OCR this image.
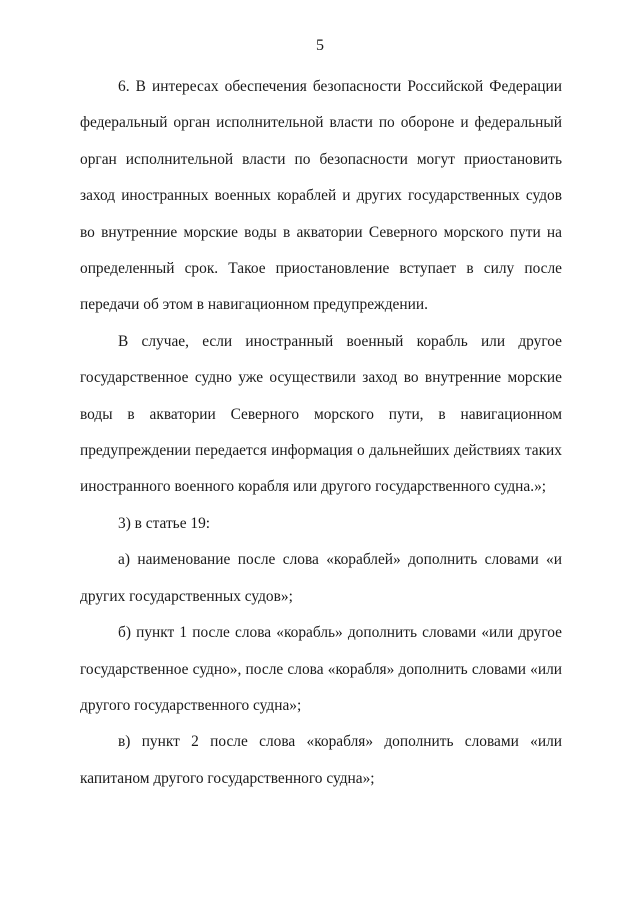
5

6. В интересах обеспечения безопасности Российской Федерации федеральный орган исполнительной власти по обороне и федеральный орган исполнительной власти по безопасности могут приостановить заход иностранных военных кораблей и других государственных судов во внутренние морские воды в акватории Северного морского пути на определенный срок. Такое приостановление вступает в силу после передачи об этом в навигационном предупреждении.

В случае, если иностранный военный корабль или другое государственное судно уже осуществили заход во внутренние морские воды в акватории Северного морского пути, в навигационном предупреждении передается информация о дальнейших действиях таких иностранного военного корабля или другого государственного судна.»;

3) в статье 19:

а) наименование после слова «кораблей» дополнить словами «и других государственных судов»;

б) пункт 1 после слова «корабль» дополнить словами «или другое государственное судно», после слова «корабля» дополнить словами «или другого государственного судна»;

в) пункт 2 после слова «корабля» дополнить словами «или капитаном другого государственного судна»;
